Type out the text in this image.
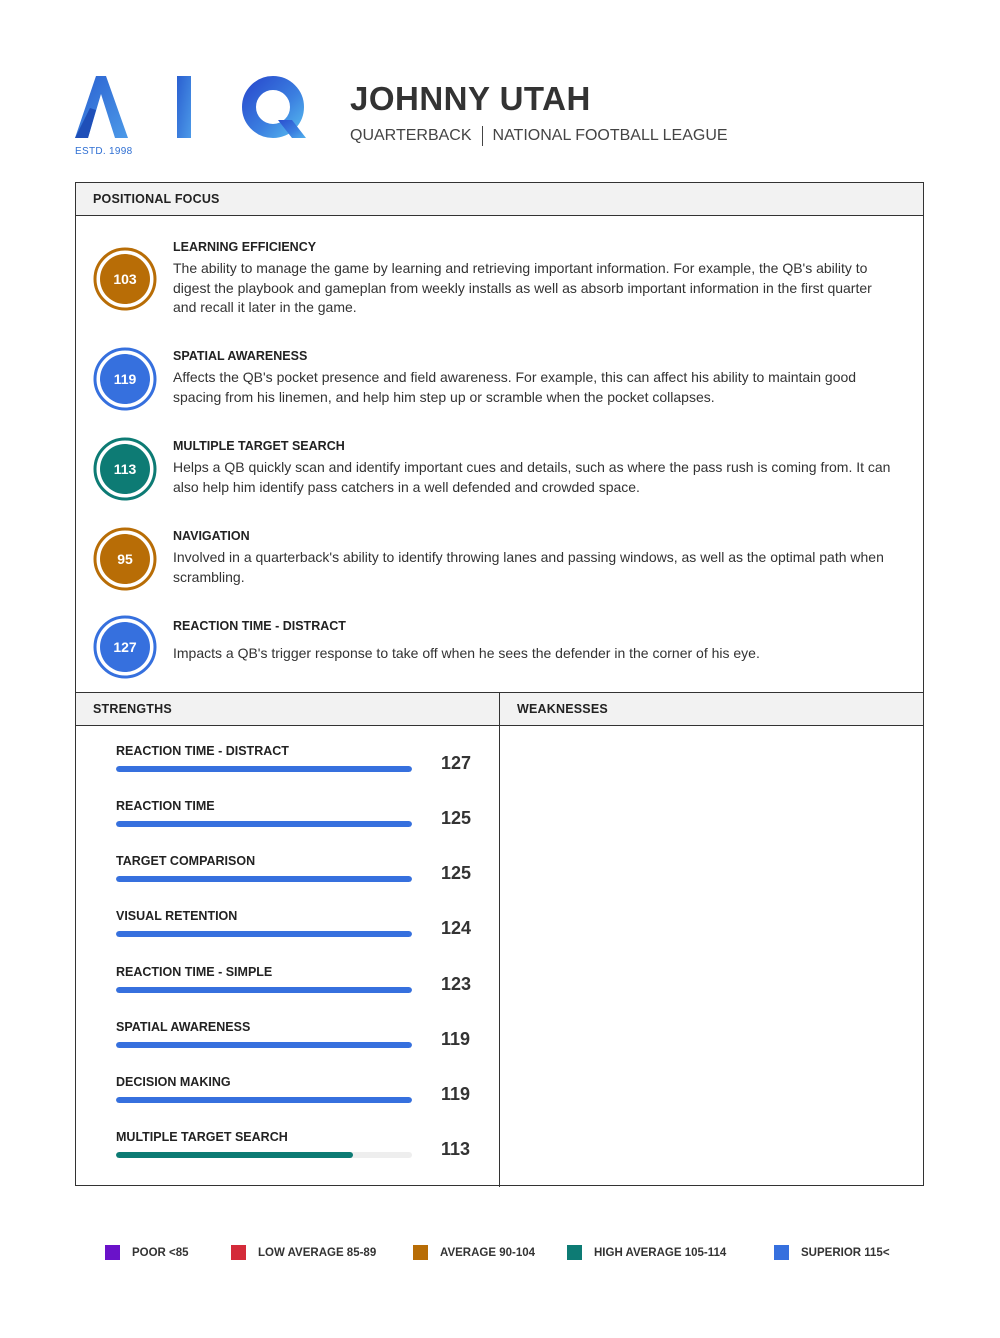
ESTD. 1998
JOHNNY UTAH
QUARTERBACK NATIONAL FOOTBALL LEAGUE
POSITIONAL FOCUS
103
LEARNING EFFICIENCY
The ability to manage the game by learning and retrieving important information. For example, the QB's ability to digest the playbook and gameplan from weekly installs as well as absorb important information in the first quarter and recall it later in the game.
119
SPATIAL AWARENESS
Affects the QB's pocket presence and field awareness. For example, this can affect his ability to maintain good spacing from his linemen, and help him step up or scramble when the pocket collapses.
113
MULTIPLE TARGET SEARCH
Helps a QB quickly scan and identify important cues and details, such as where the pass rush is coming from. It can also help him identify pass catchers in a well defended and crowded space.
95
NAVIGATION
Involved in a quarterback's ability to identify throwing lanes and passing windows, as well as the optimal path when scrambling.
127
REACTION TIME - DISTRACT
Impacts a QB's trigger response to take off when he sees the defender in the corner of his eye.
STRENGTHS
REACTION TIME - DISTRACT
127
REACTION TIME
125
TARGET COMPARISON
125
VISUAL RETENTION
124
REACTION TIME - SIMPLE
123
SPATIAL AWARENESS
119
DECISION MAKING
119
MULTIPLE TARGET SEARCH
113
WEAKNESSES
POOR <85	LOW AVERAGE 85-89	AVERAGE 90-104	HIGH AVERAGE 105-114	SUPERIOR 115<
